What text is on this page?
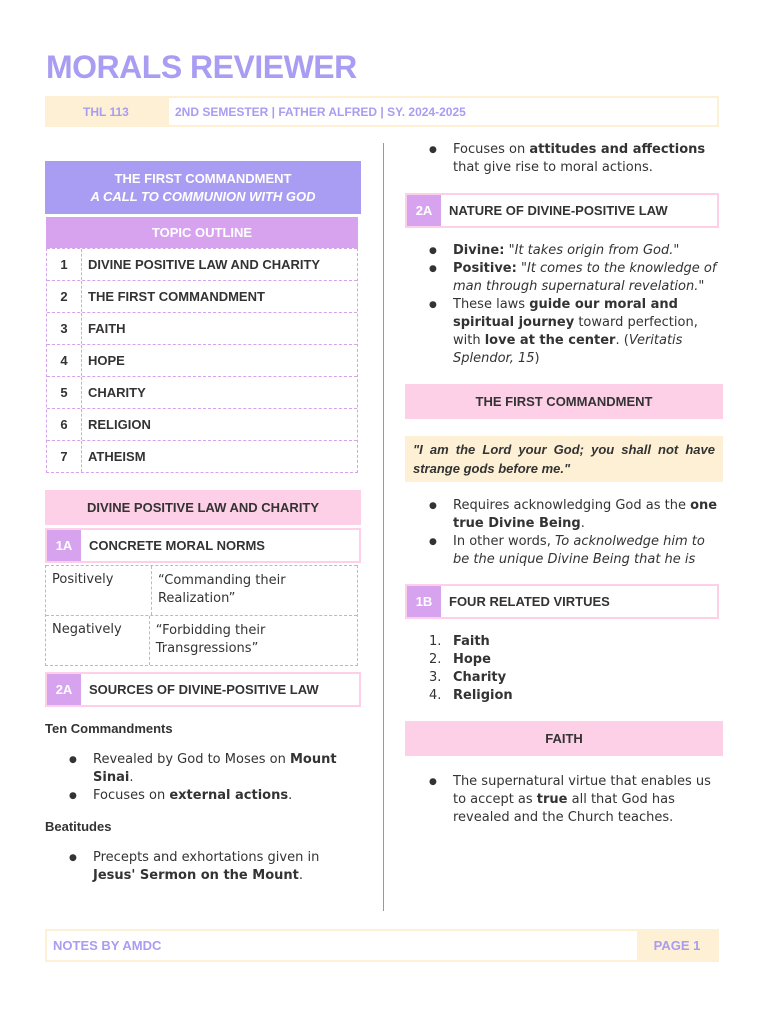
MORALS REVIEWER
THL 113	2ND SEMESTER | FATHER ALFRED | SY. 2024-2025
THE FIRST COMMANDMENT
A CALL TO COMMUNION WITH GOD
TOPIC OUTLINE
1	DIVINE POSITIVE LAW AND CHARITY
2	THE FIRST COMMANDMENT
3	FAITH
4	HOPE
5	CHARITY
6	RELIGION
7	ATHEISM
DIVINE POSITIVE LAW AND CHARITY
1A	CONCRETE MORAL NORMS
Positively	“Commanding their Realization”
Negatively	“Forbidding their Transgressions”
2A	SOURCES OF DIVINE-POSITIVE LAW
Ten Commandments
● Revealed by God to Moses on Mount Sinai.
● Focuses on external actions.
Beatitudes
● Precepts and exhortations given in Jesus' Sermon on the Mount.
● Focuses on attitudes and affections that give rise to moral actions.
2A	NATURE OF DIVINE-POSITIVE LAW
● Divine: "It takes origin from God."
● Positive: "It comes to the knowledge of man through supernatural revelation."
● These laws guide our moral and spiritual journey toward perfection, with love at the center. (Veritatis Splendor, 15)
THE FIRST COMMANDMENT
"I am the Lord your God; you shall not have strange gods before me."
● Requires acknowledging God as the one true Divine Being.
● In other words, To acknolwedge him to be the unique Divine Being that he is
1B	FOUR RELATED VIRTUES
1. Faith
2. Hope
3. Charity
4. Religion
FAITH
● The supernatural virtue that enables us to accept as true all that God has revealed and the Church teaches.
NOTES BY AMDC	PAGE 1
